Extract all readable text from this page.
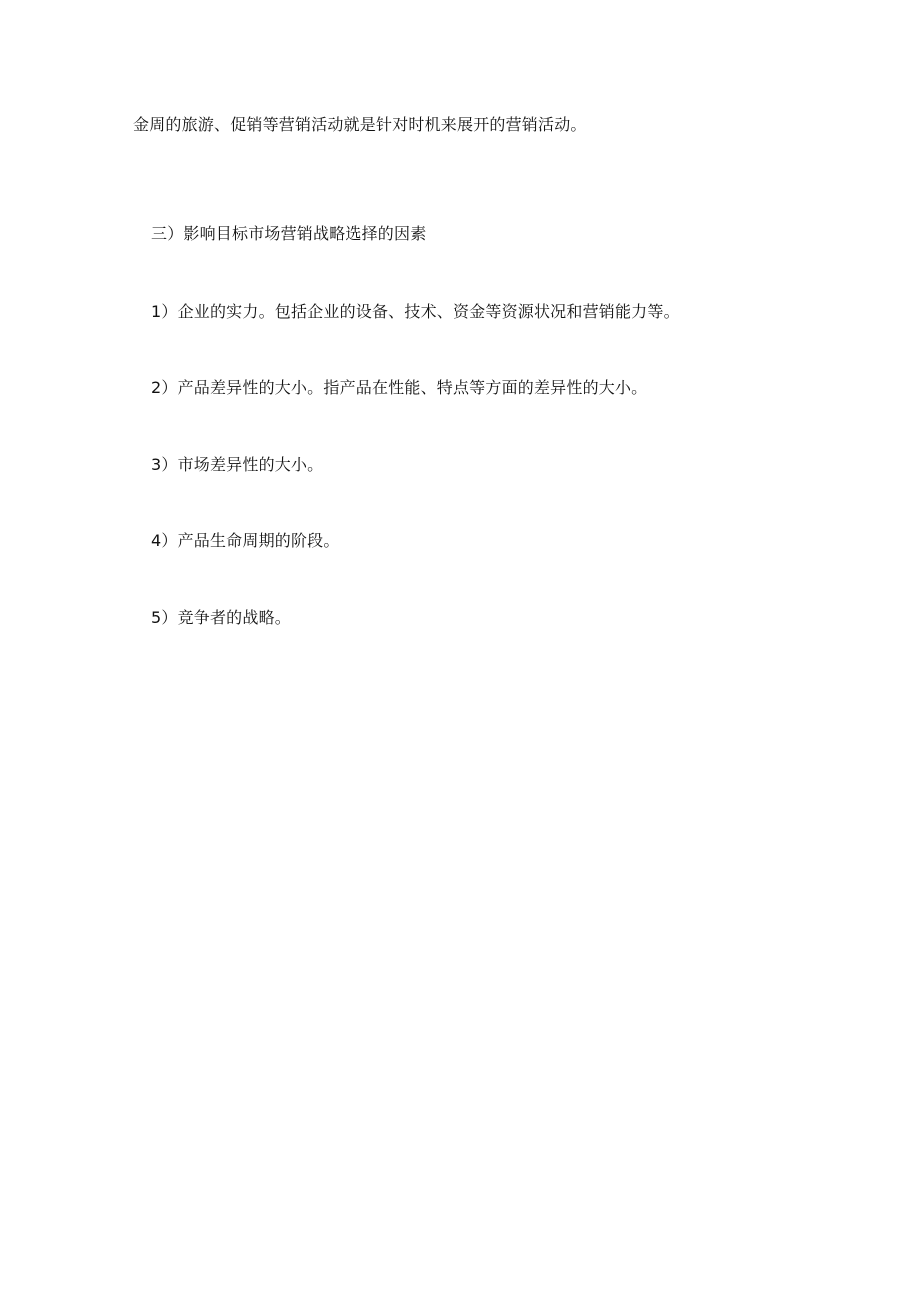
金周的旅游、促销等营销活动就是针对时机来展开的营销活动。
三）影响目标市场营销战略选择的因素
1）企业的实力。包括企业的设备、技术、资金等资源状况和营销能力等。
2）产品差异性的大小。指产品在性能、特点等方面的差异性的大小。
3）市场差异性的大小。
4）产品生命周期的阶段。
5）竞争者的战略。
